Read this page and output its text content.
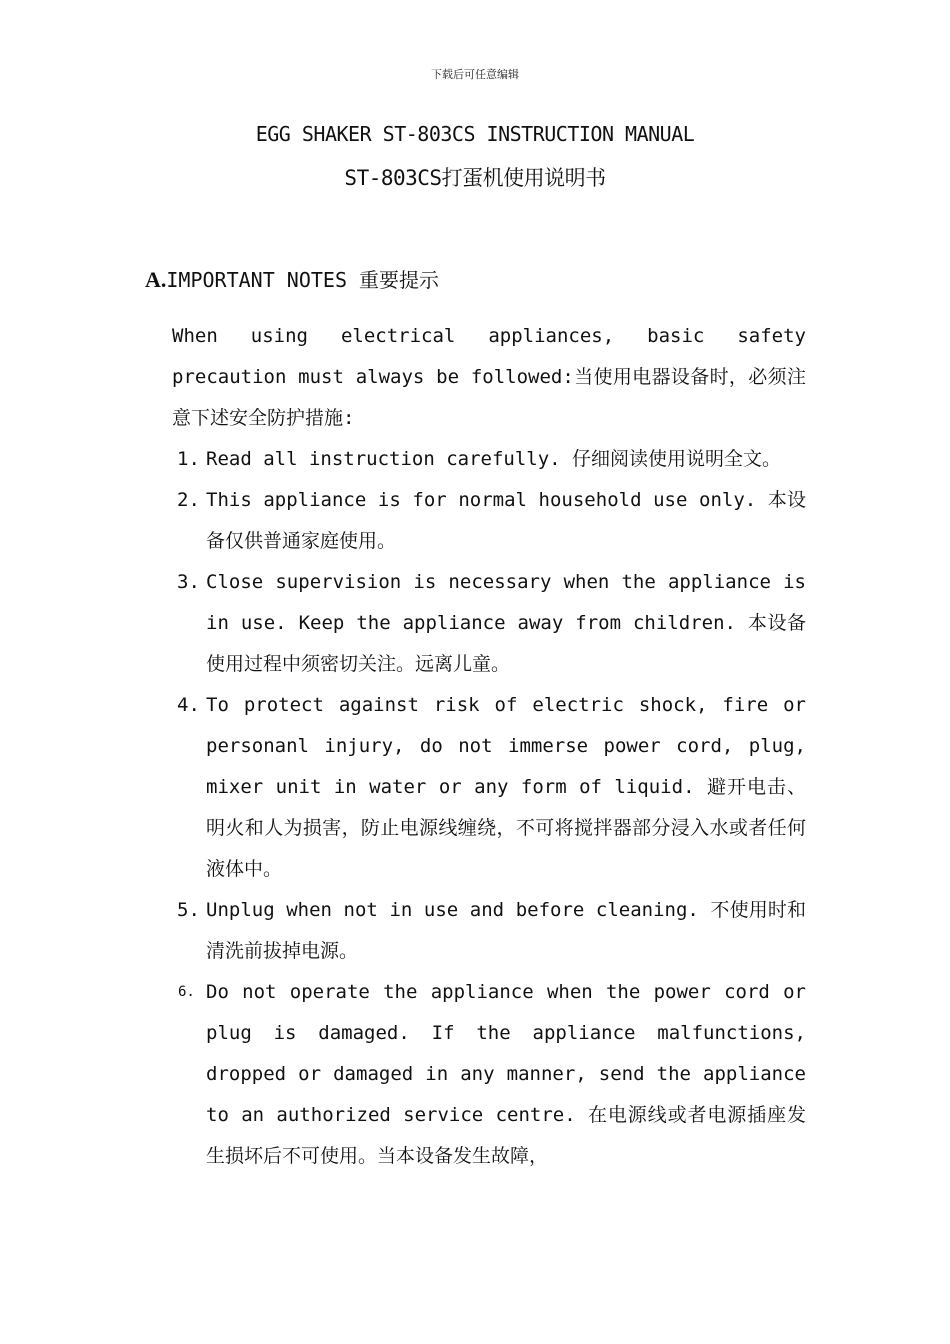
下载后可任意编辑
EGG SHAKER ST-803CS INSTRUCTION MANUAL
ST-803CS打蛋机使用说明书
A.IMPORTANT NOTES 重要提示
When using electrical appliances, basic safety precaution must always be followed:当使用电器设备时，必须注意下述安全防护措施:
1. Read all instruction carefully. 仔细阅读使用说明全文。
2. This appliance is for normal household use only. 本设备仅供普通家庭使用。
3. Close supervision is necessary when the appliance is in use. Keep the appliance away from children. 本设备使用过程中须密切关注。远离儿童。
4. To protect against risk of electric shock, fire or personanl injury, do not immerse power cord, plug, mixer unit in water or any form of liquid. 避开电击、明火和人为损害，防止电源线缠绕，不可将搅拌器部分浸入水或者任何液体中。
5. Unplug when not in use and before cleaning. 不使用时和清洗前拔掉电源。
6. Do not operate the appliance when the power cord or plug is damaged. If the appliance malfunctions, dropped or damaged in any manner, send the appliance to an authorized service centre. 在电源线或者电源插座发生损坏后不可使用。当本设备发生故障，
